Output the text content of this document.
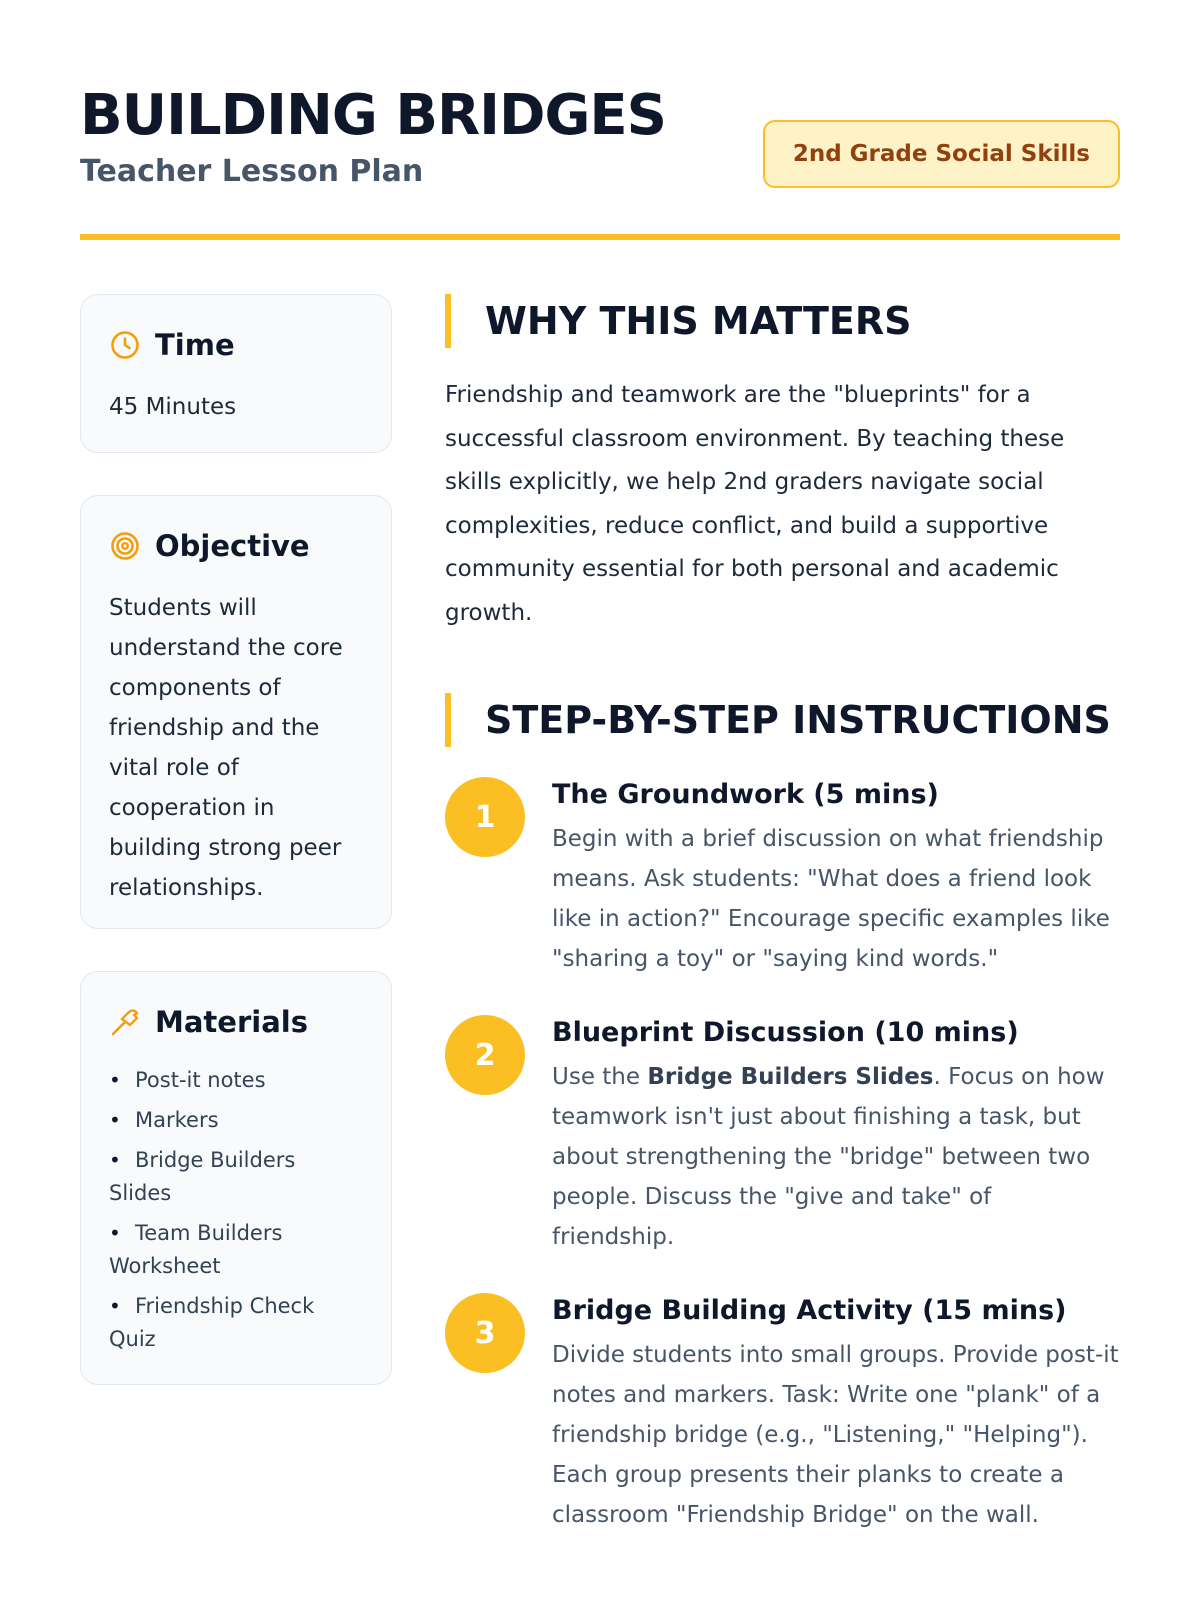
BUILDING BRIDGES
Teacher Lesson Plan	2nd Grade Social Skills
Time

45 Minutes

Objective

Students will understand the core components of friendship and the vital role of cooperation in building strong peer relationships.

Materials
• Post-it notes
• Markers
• Bridge Builders Slides
• Team Builders Worksheet
• Friendship Check Quiz
WHY THIS MATTERS

Friendship and teamwork are the "blueprints" for a successful classroom environment. By teaching these skills explicitly, we help 2nd graders navigate social complexities, reduce conflict, and build a supportive community essential for both personal and academic growth.

STEP-BY-STEP INSTRUCTIONS
1
The Groundwork (5 mins)

Begin with a brief discussion on what friendship means. Ask students: "What does a friend look like in action?" Encourage specific examples like "sharing a toy" or "saying kind words."

2
Blueprint Discussion (10 mins)

Use the Bridge Builders Slides. Focus on how teamwork isn't just about finishing a task, but about strengthening the "bridge" between two people. Discuss the "give and take" of friendship.

3
Bridge Building Activity (15 mins)

Divide students into small groups. Provide post-it notes and markers. Task: Write one "plank" of a friendship bridge (e.g., "Listening," "Helping"). Each group presents their planks to create a classroom "Friendship Bridge" on the wall.
